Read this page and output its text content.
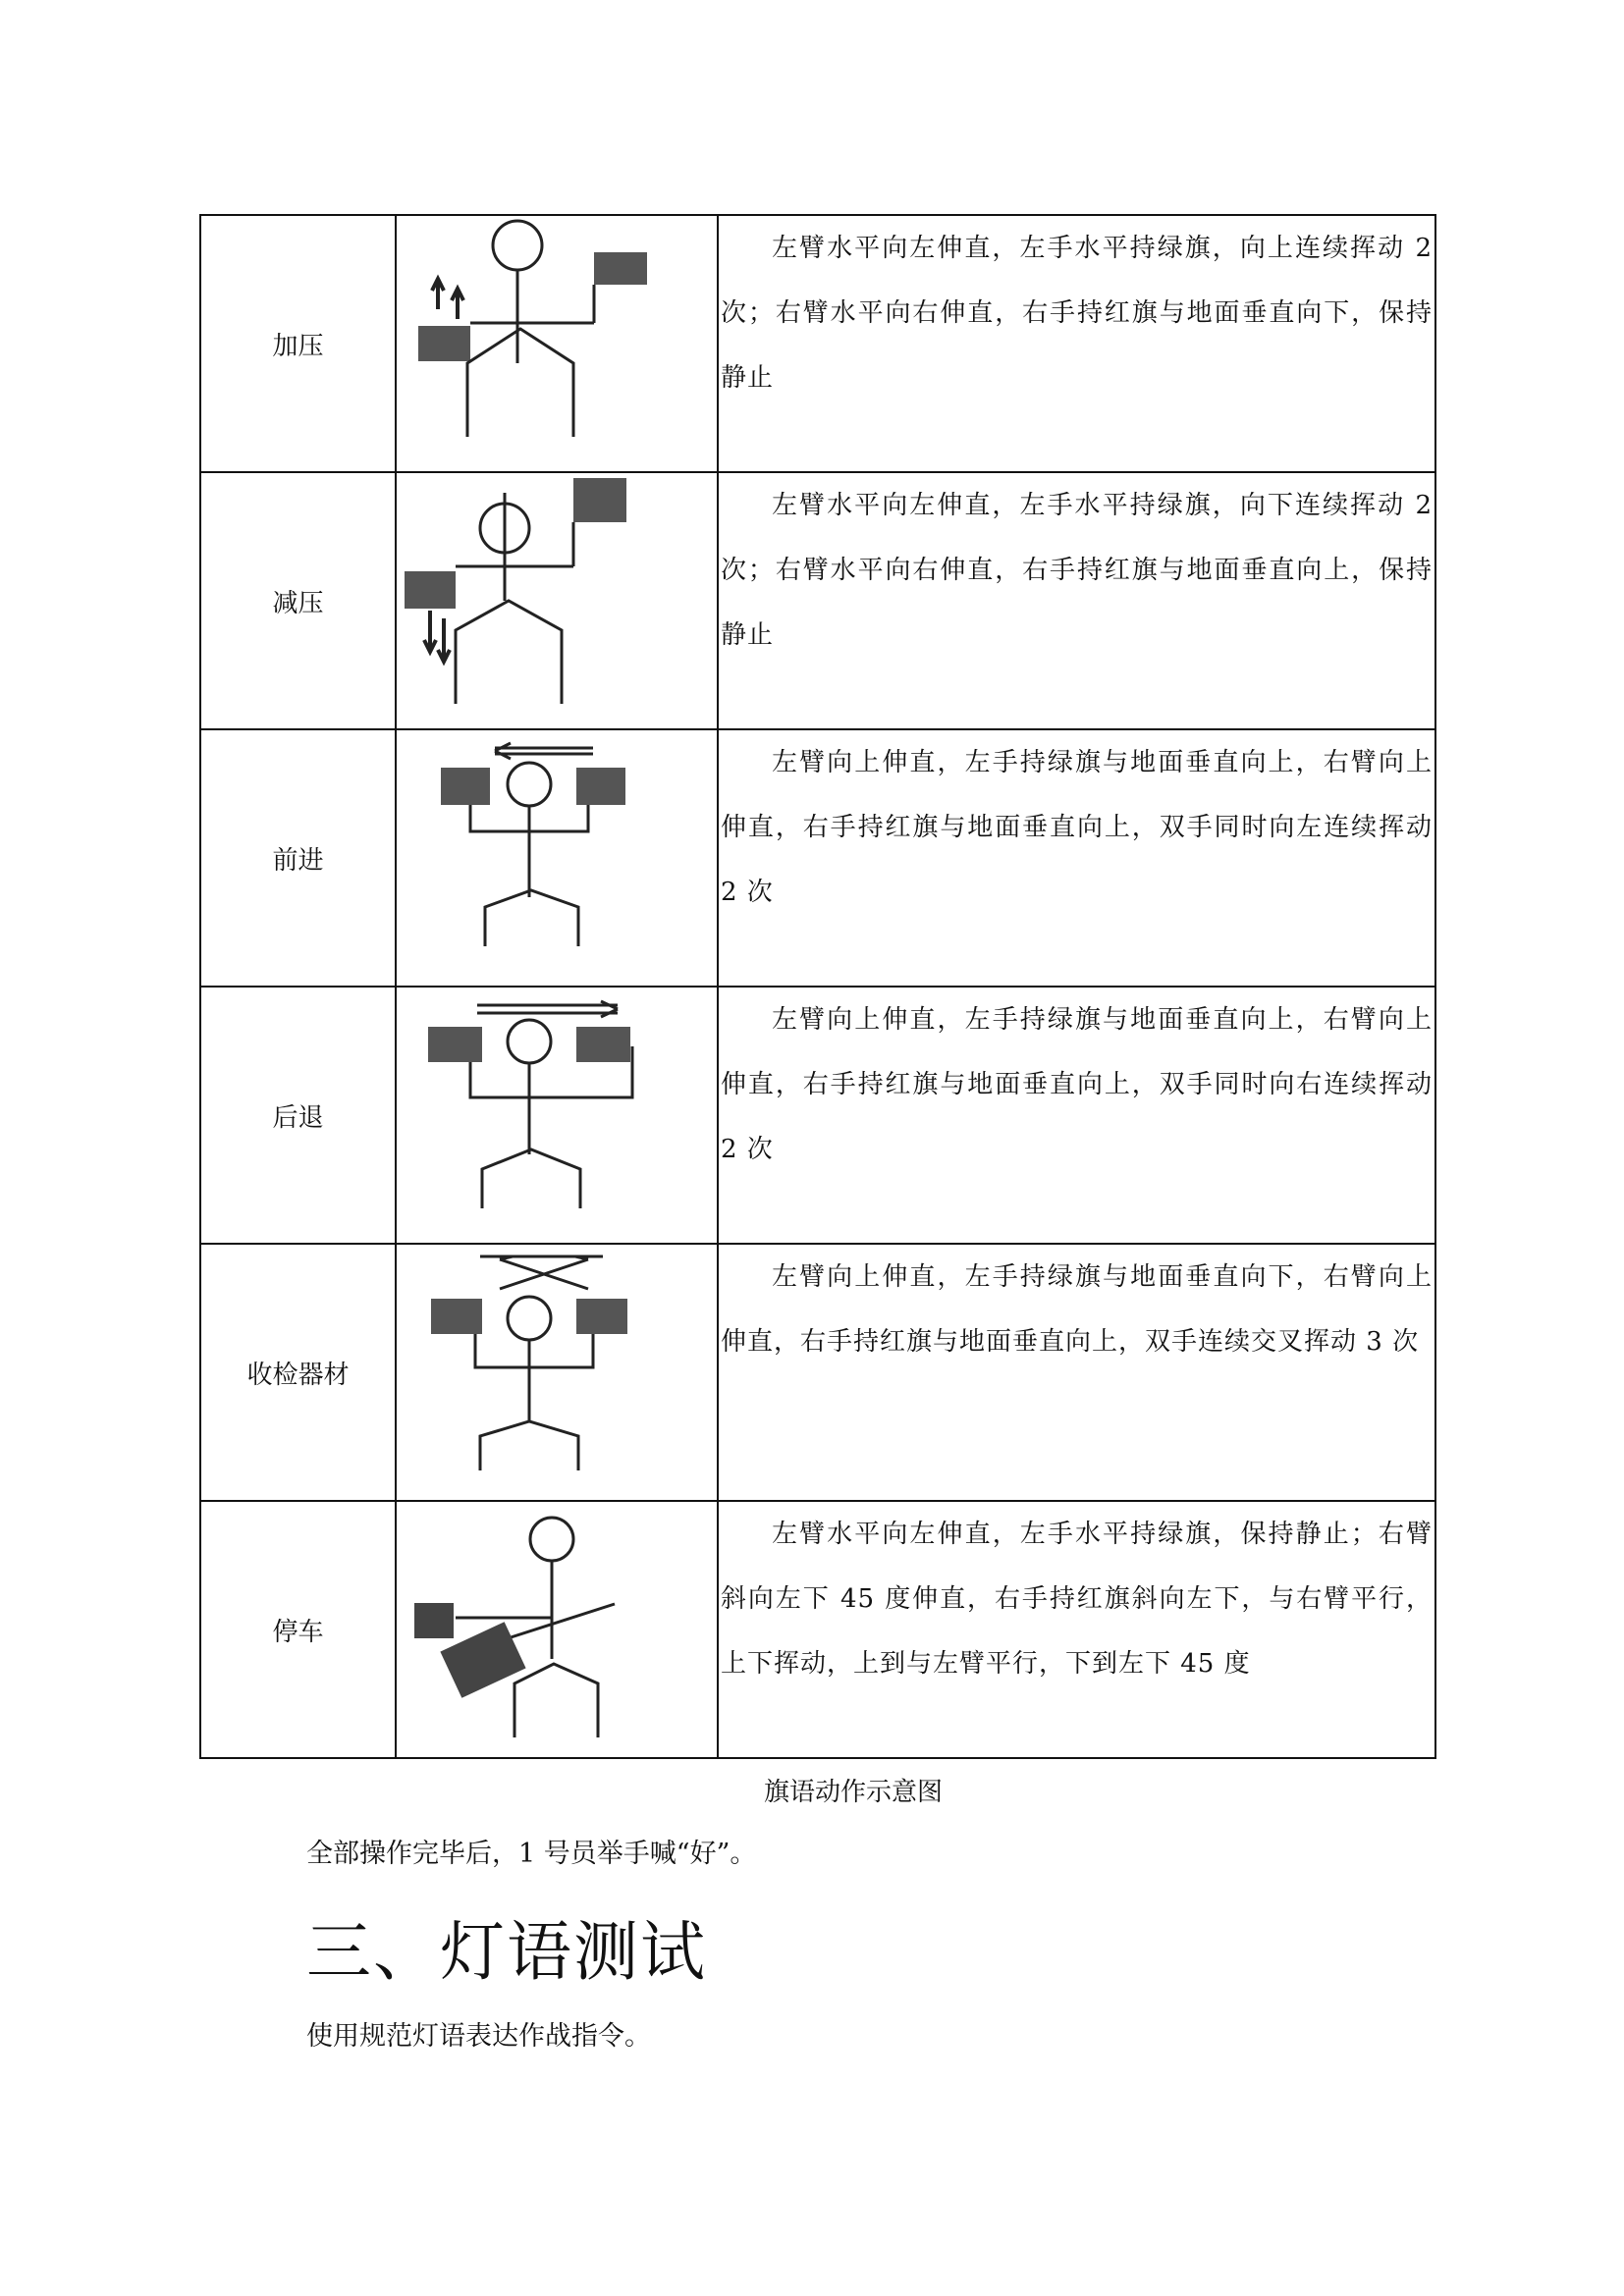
加压		左臂水平向左伸直，左手水平持绿旗，向上连续挥动 2 次；右臂水平向右伸直，右手持红旗与地面垂直向下，保持静止
减压		左臂水平向左伸直，左手水平持绿旗，向下连续挥动 2 次；右臂水平向右伸直，右手持红旗与地面垂直向上，保持静止
前进		左臂向上伸直，左手持绿旗与地面垂直向上，右臂向上伸直，右手持红旗与地面垂直向上，双手同时向左连续挥动 2 次
后退		左臂向上伸直，左手持绿旗与地面垂直向上，右臂向上伸直，右手持红旗与地面垂直向上，双手同时向右连续挥动 2 次
收检器材		左臂向上伸直，左手持绿旗与地面垂直向下，右臂向上伸直，右手持红旗与地面垂直向上，双手连续交叉挥动 3 次
停车		左臂水平向左伸直，左手水平持绿旗，保持静止；右臂斜向左下 45 度伸直，右手持红旗斜向左下，与右臂平行，上下挥动，上到与左臂平行，下到左下 45 度
旗语动作示意图
全部操作完毕后，1 号员举手喊“好”。
三、灯语测试
使用规范灯语表达作战指令。
